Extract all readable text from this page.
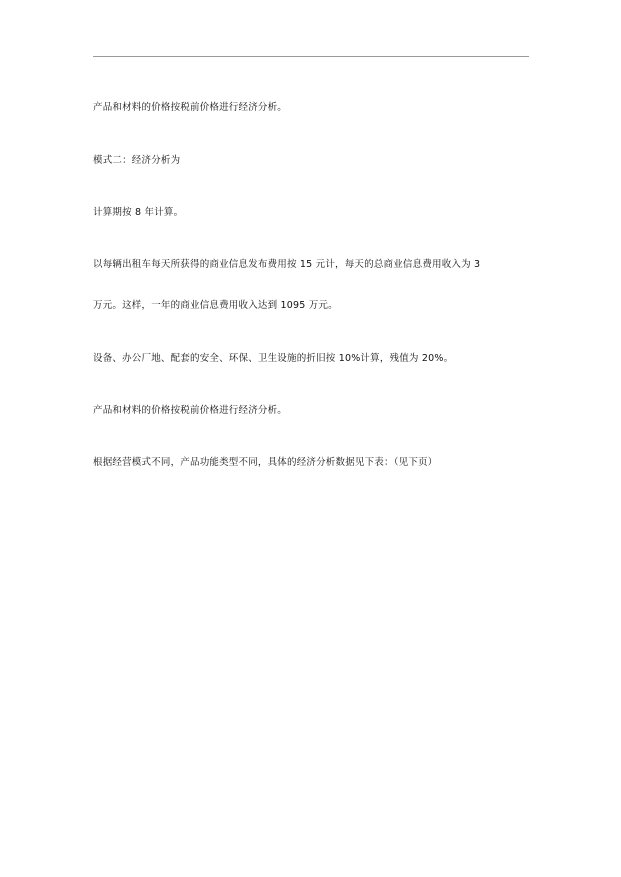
产品和材料的价格按税前价格进行经济分析。

模式二：经济分析为

计算期按 8 年计算。

以每辆出租车每天所获得的商业信息发布费用按 15 元计，每天的总商业信息费用收入为 3

万元。这样，一年的商业信息费用收入达到 1095 万元。

设备、办公厂地、配套的安全、环保、卫生设施的折旧按 10%计算，残值为 20%。

产品和材料的价格按税前价格进行经济分析。

根据经营模式不同，产品功能类型不同，具体的经济分析数据见下表：（见下页）
